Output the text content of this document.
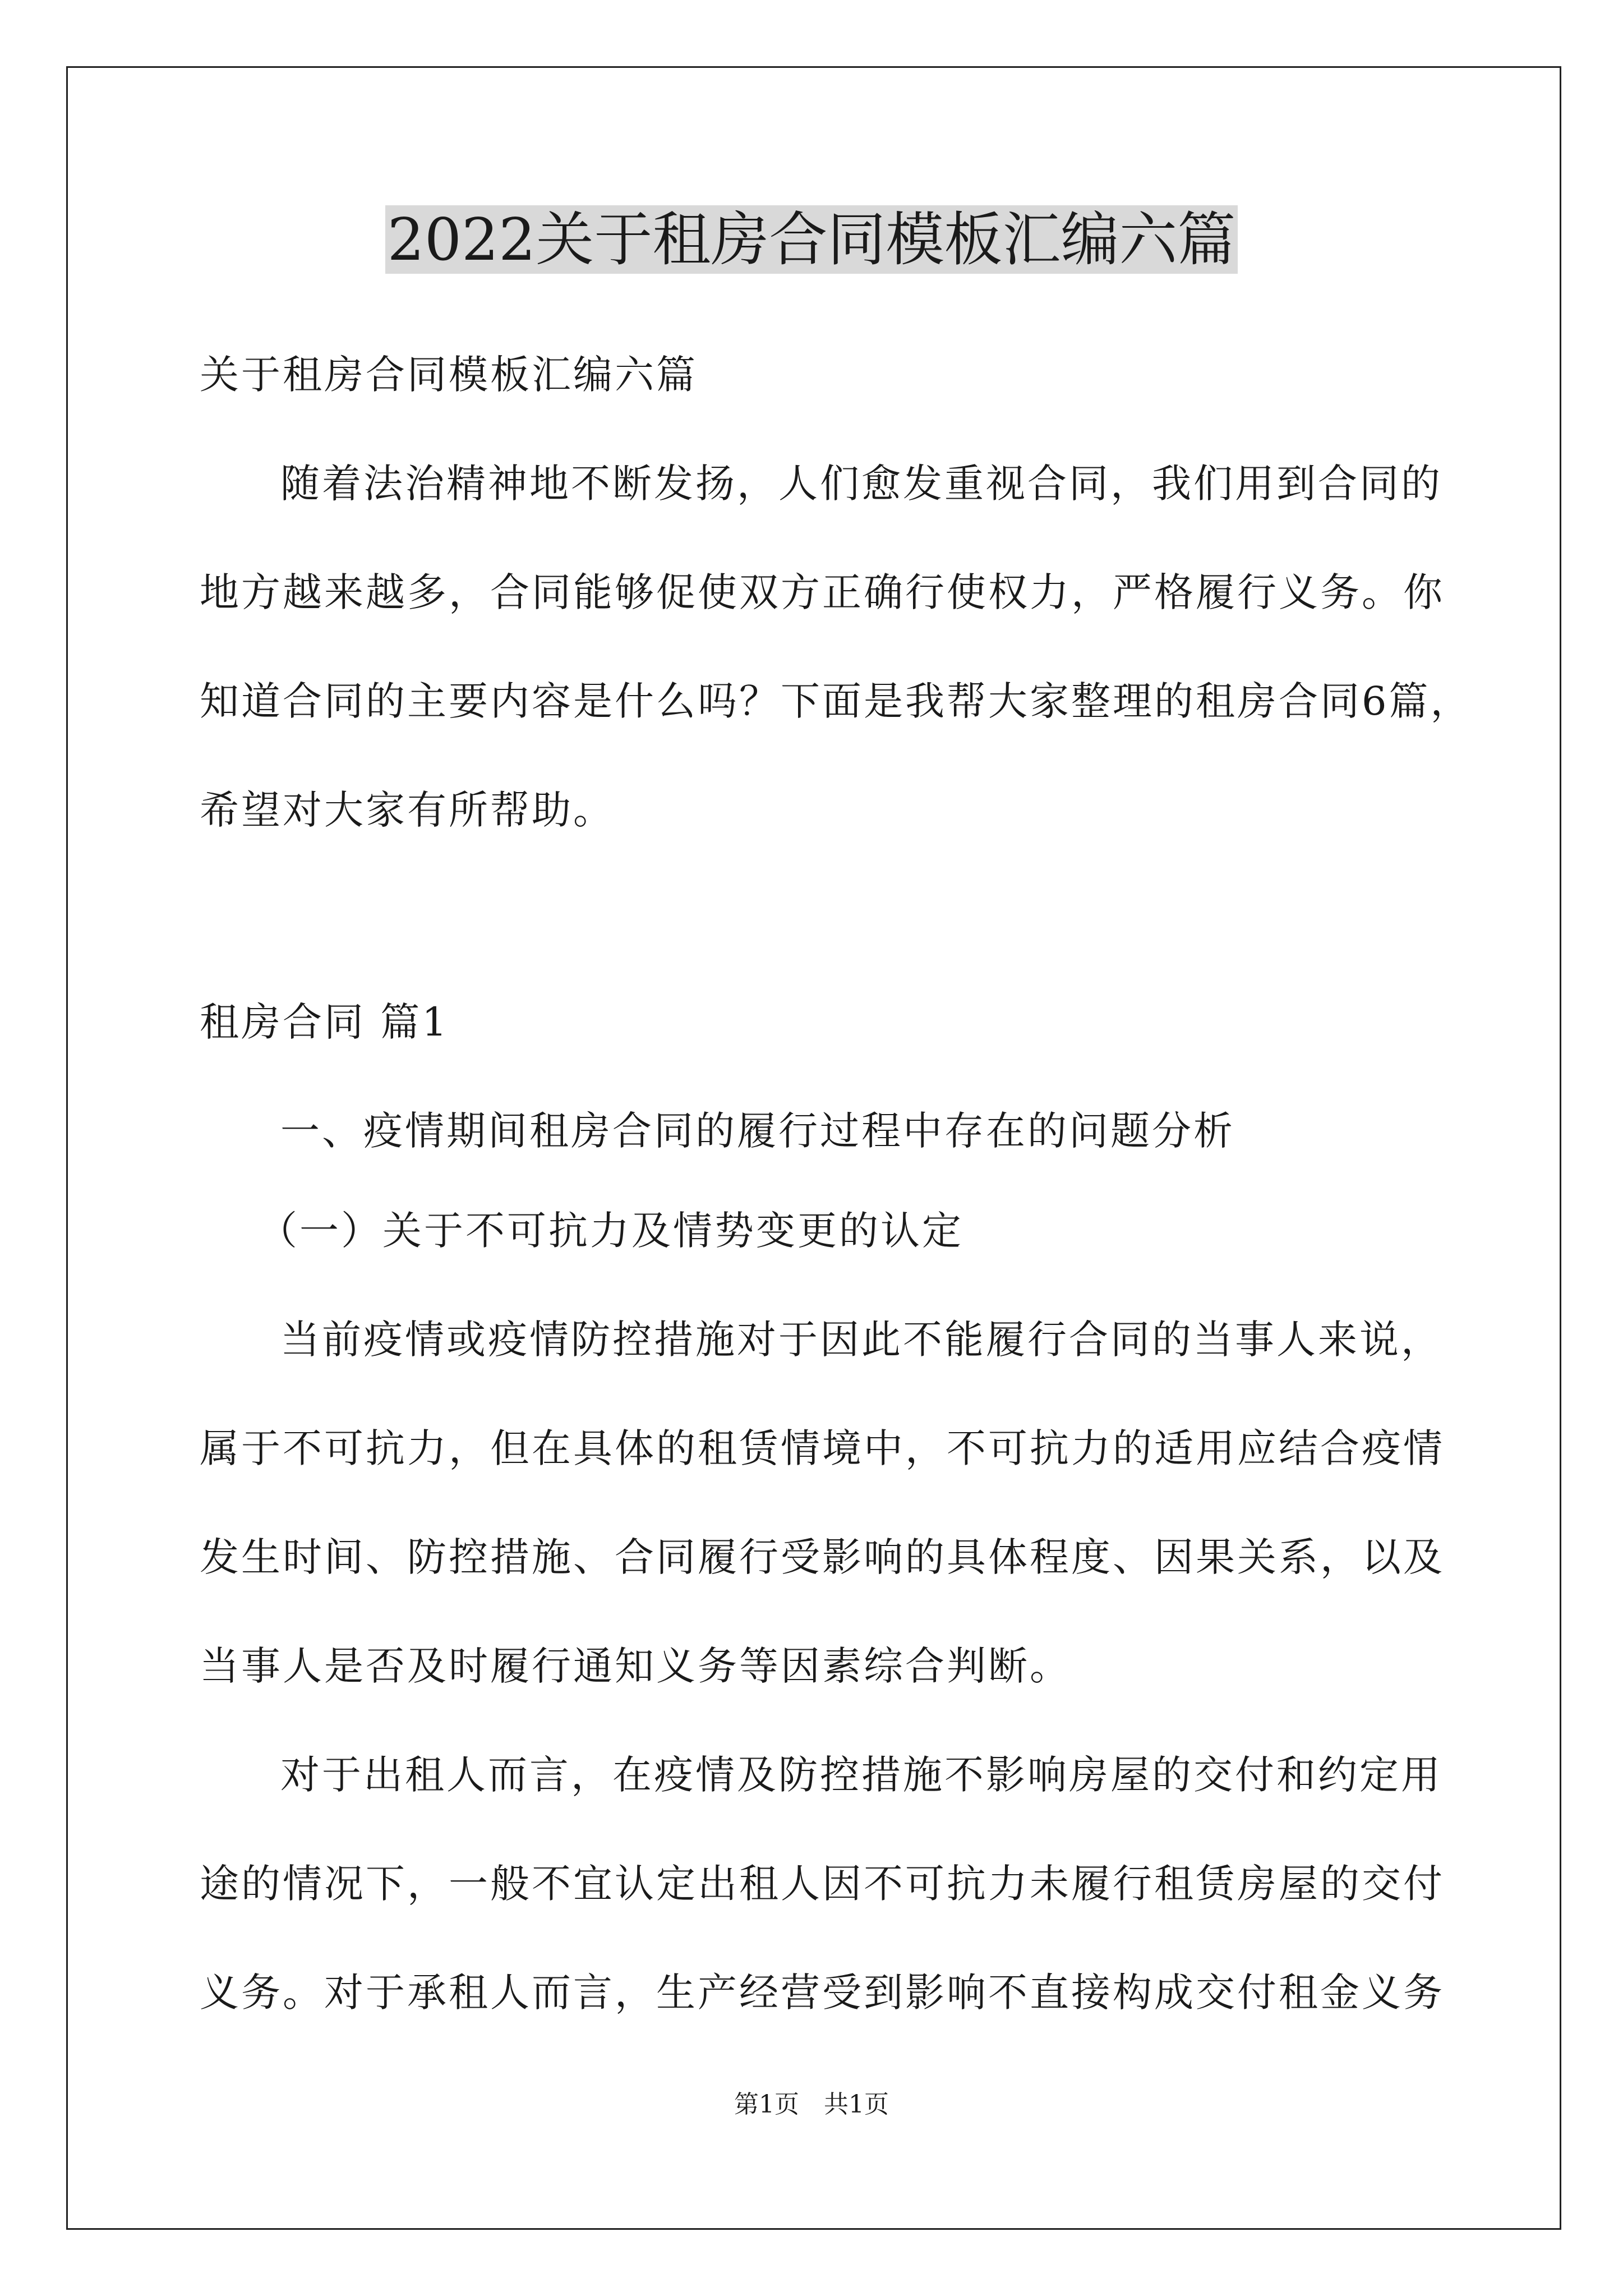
2022关于租房合同模板汇编六篇
关于租房合同模板汇编六篇
随着法治精神地不断发扬，人们愈发重视合同，我们用到合同的
地方越来越多，合同能够促使双方正确行使权力，严格履行义务。你
知道合同的主要内容是什么吗？下面是我帮大家整理的租房合同6篇，
希望对大家有所帮助。
租房合同 篇1
一、疫情期间租房合同的履行过程中存在的问题分析
（一）关于不可抗力及情势变更的认定
当前疫情或疫情防控措施对于因此不能履行合同的当事人来说，
属于不可抗力，但在具体的租赁情境中，不可抗力的适用应结合疫情
发生时间、防控措施、合同履行受影响的具体程度、因果关系，以及
当事人是否及时履行通知义务等因素综合判断。
对于出租人而言，在疫情及防控措施不影响房屋的交付和约定用
途的情况下，一般不宜认定出租人因不可抗力未履行租赁房屋的交付
义务。对于承租人而言，生产经营受到影响不直接构成交付租金义务
第1页　共1页
